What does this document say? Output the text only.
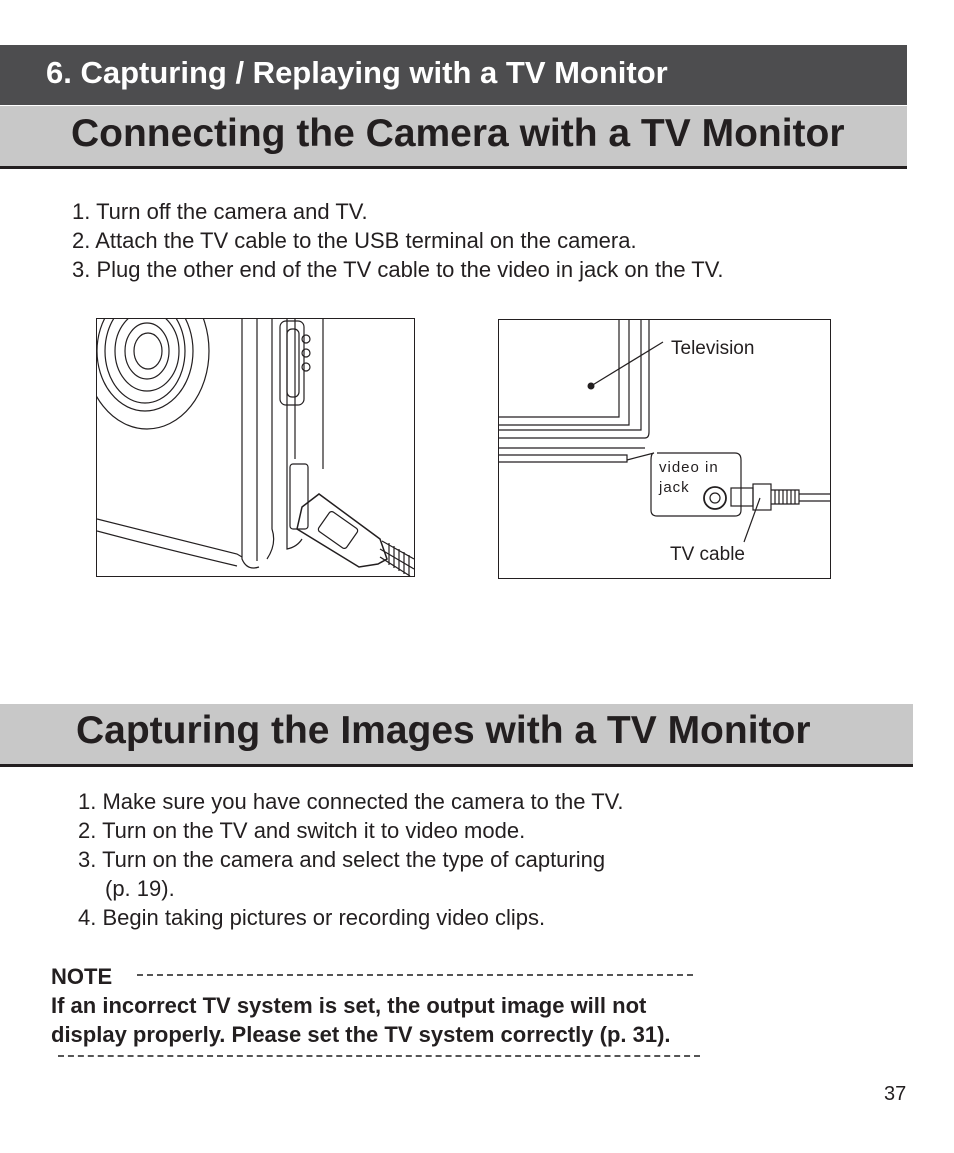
6. Capturing / Replaying with a TV Monitor
Connecting the Camera with a TV Monitor
1. Turn off the camera and TV.
2. Attach the TV cable to the USB terminal on the camera.
3. Plug the other end of the TV cable to the video in jack on the TV.
Television
video in
jack
TV cable
Capturing the Images with a TV Monitor
1. Make sure you have connected the camera to the TV.
2. Turn on the TV and switch it to video mode.
3. Turn on the camera and select the type of capturing
(p. 19).
4. Begin taking pictures or recording video clips.
NOTE
If an incorrect TV system is set, the output image will not
display properly. Please set the TV system correctly (p. 31).
37
